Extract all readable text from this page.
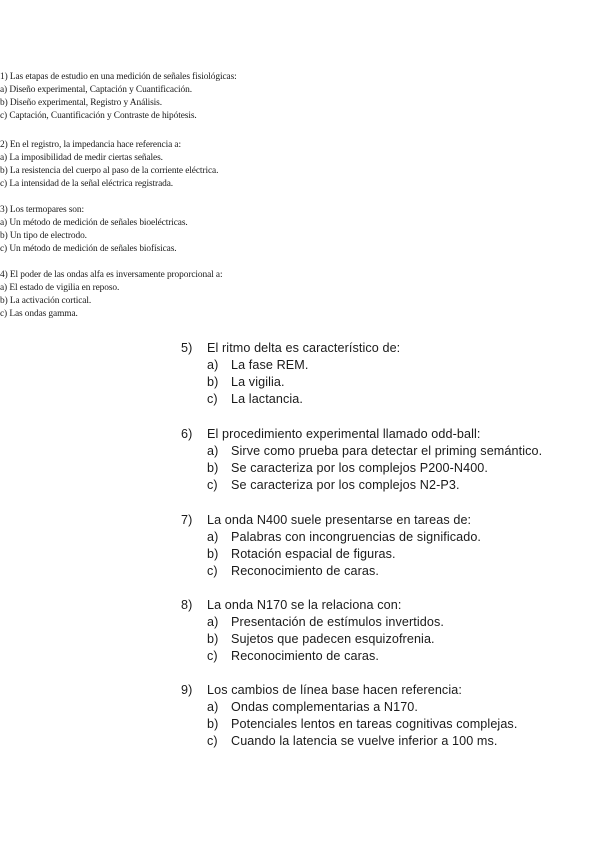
1) Las etapas de estudio en una medición de señales fisiológicas:
a) Diseño experimental, Captación y Cuantificación.
b) Diseño experimental, Registro y Análisis.
c) Captación, Cuantificación y Contraste de hipótesis.
2) En el registro, la impedancia hace referencia a:
a) La imposibilidad de medir ciertas señales.
b) La resistencia del cuerpo al paso de la corriente eléctrica.
c) La intensidad de la señal eléctrica registrada.
3) Los termopares son:
a) Un método de medición de señales bioeléctricas.
b) Un tipo de electrodo.
c) Un método de medición de señales biofísicas.
4) El poder de las ondas alfa es inversamente proporcional a:
a) El estado de vigilia en reposo.
b) La activación cortical.
c) Las ondas gamma.
5)	El ritmo delta es característico de:
a) La fase REM.
b) La vigilia.
c)	La lactancia.
6)	El procedimiento experimental llamado odd-ball:
a) Sirve como prueba para detectar el priming semántico.
b) Se caracteriza por los complejos P200-N400.
c)	Se caracteriza por los complejos N2-P3.
7)	La onda N400 suele presentarse en tareas de:
a) Palabras con incongruencias de significado.
b) Rotación espacial de figuras.
c)	Reconocimiento de caras.
8)	La onda N170 se la relaciona con:
a) Presentación de estímulos invertidos.
b) Sujetos que padecen esquizofrenia.
c)	Reconocimiento de caras.
9)	Los cambios de línea base hacen referencia:
a) Ondas complementarias a N170.
b) Potenciales lentos en tareas cognitivas complejas.
c)	Cuando la latencia se vuelve inferior a 100 ms.
